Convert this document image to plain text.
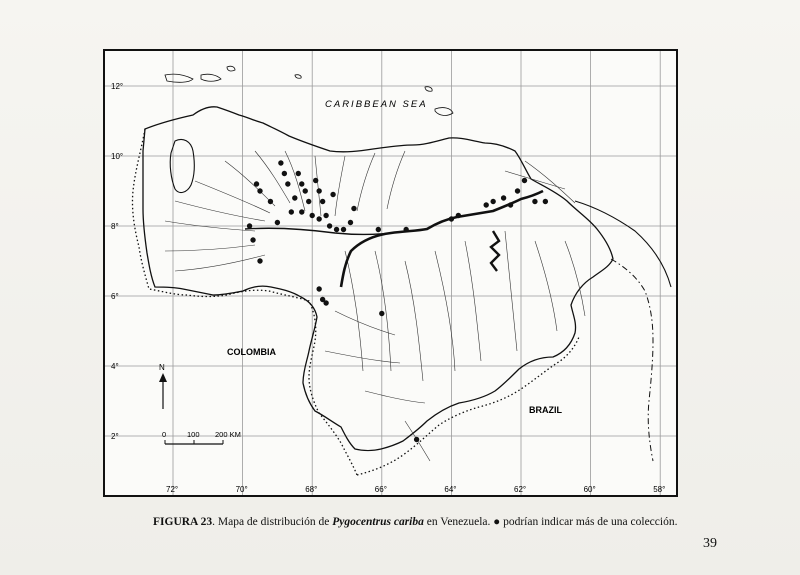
CARIBBEAN SEA
COLOMBIA
BRAZIL
N
0	100 200 KM
12°
10°
8°
6°
4°
2°
72°	70°	68°	66°	64°	62°	60°	58°
FIGURA 23. Mapa de distribución de Pygocentrus cariba en Venezuela. ● podrían indicar más de una colección.
39
